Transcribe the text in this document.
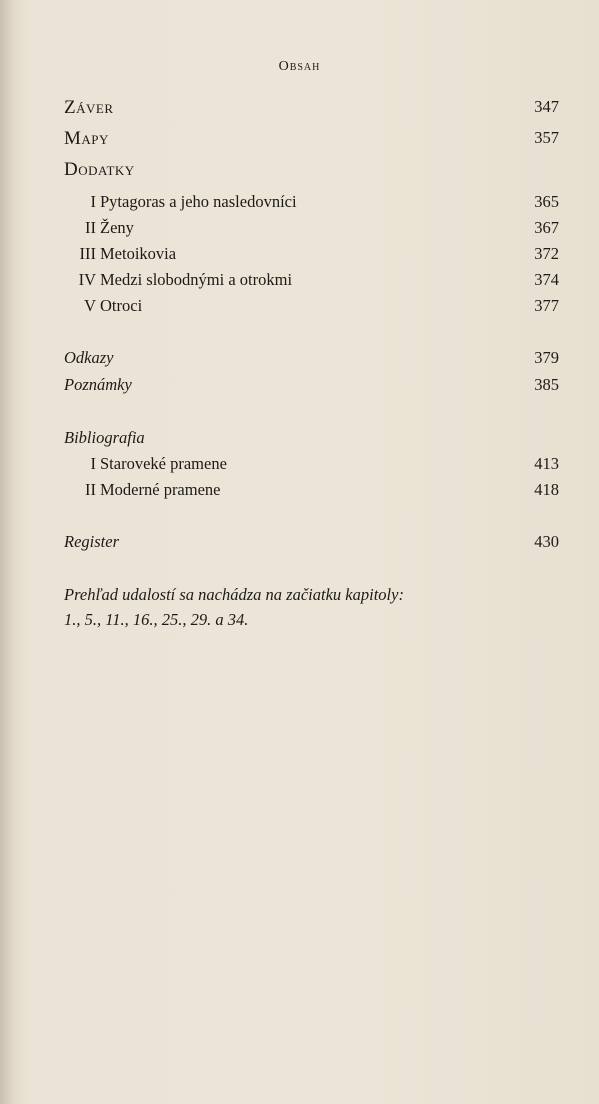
Obsah
Záver	347
Mapy	357
Dodatky
I Pytagoras a jeho nasledovníci	365
II Ženy	367
III Metoikovia	372
IV Medzi slobodnými a otrokmi	374
V Otroci	377
Odkazy	379
Poznámky	385
Bibliografia
I Staroveké pramene	413
II Moderné pramene	418
Register	430
Prehľad udalostí sa nachádza na začiatku kapitoly:
1., 5., 11., 16., 25., 29. a 34.
